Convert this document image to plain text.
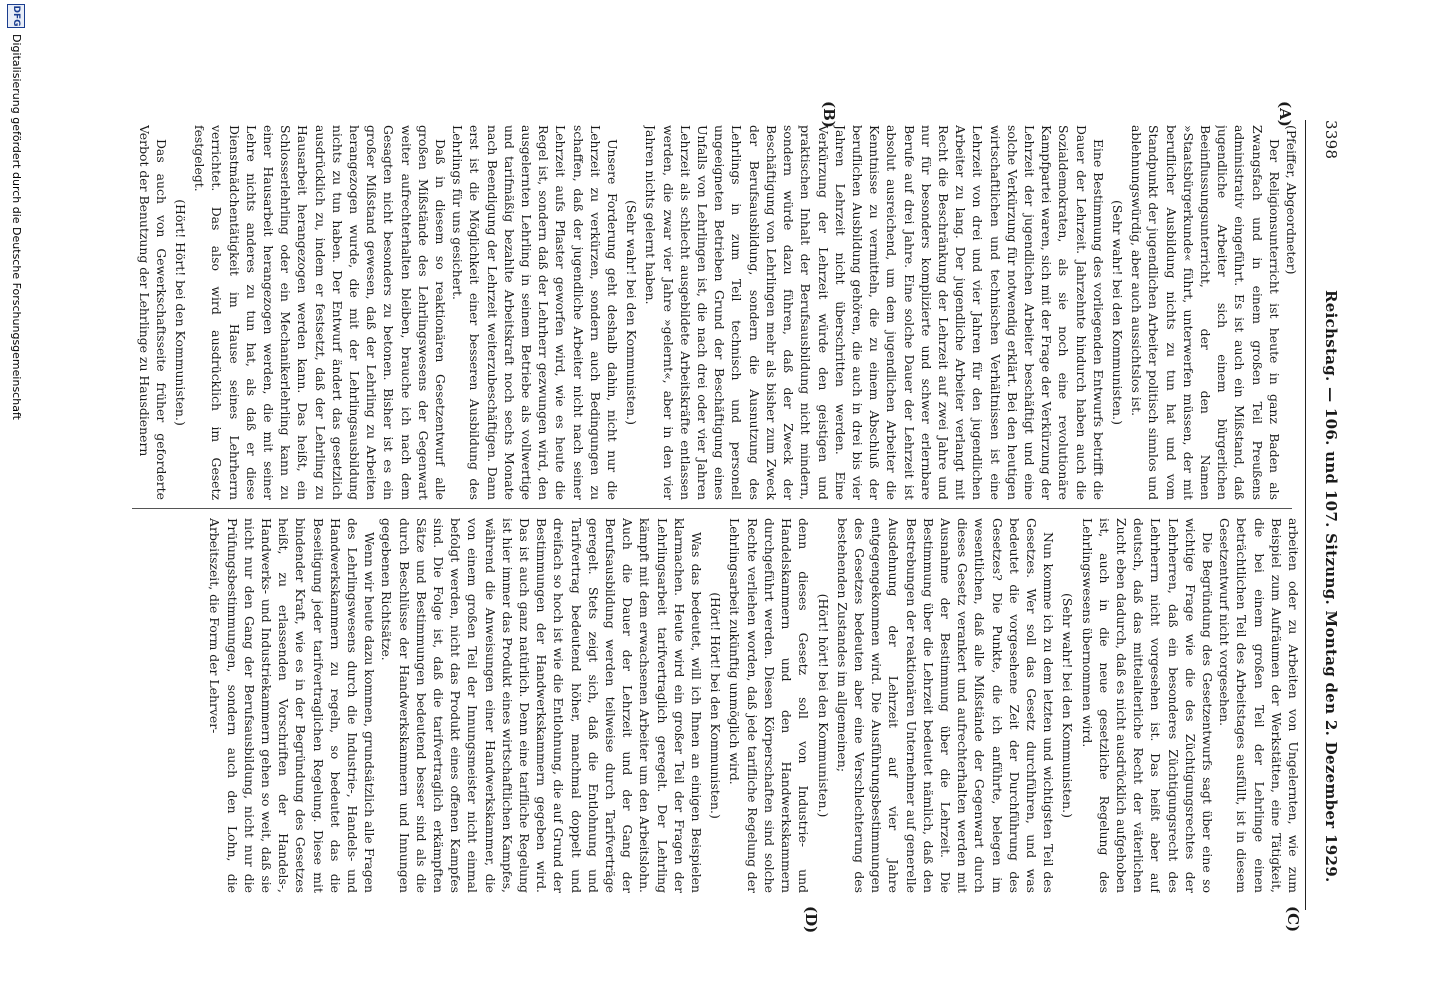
3398
Reichstag. — 106. und 107. Sitzung. Montag den 2. Dezember 1929.
(A)
(B)
(C)
(D)

(Pfeiffer, Abgeordneter)

Der Religionsunterricht ist heute in ganz Baden als Zwangsfach und in einem großen Teil Preußens administrativ eingeführt. Es ist auch ein Mißstand, daß jugendliche Arbeiter sich einem bürgerlichen Beeinflussungsunterricht, der den Namen »Staatsbürgerkunde« führt, unterwerfen müssen, der mit beruflicher Ausbildung nichts zu tun hat und vom Standpunkt der jugendlichen Arbeiter politisch sinnlos und ablehnungswürdig, aber auch aussichtslos ist.

(Sehr wahr! bei den Kommunisten.)

Eine Bestimmung des vorliegenden Entwurfs betrifft die Dauer der Lehrzeit. Jahrzehnte hindurch haben auch die Sozialdemokraten, als sie noch eine revolutionäre Kampfpartei waren, sich mit der Frage der Verkürzung der Lehrzeit der jugendlichen Arbeiter beschäftigt und eine solche Verkürzung für notwendig erklärt. Bei den heutigen wirtschaftlichen und technischen Verhältnissen ist eine Lehrzeit von drei und vier Jahren für den jugendlichen Arbeiter zu lang. Der jugendliche Arbeiter verlangt mit Recht die Beschränkung der Lehrzeit auf zwei Jahre und nur für besonders komplizierte und schwer erlernbare Berufe auf drei Jahre. Eine solche Dauer der Lehrzeit ist absolut ausreichend, um dem jugendlichen Arbeiter die Kenntnisse zu vermitteln, die zu einem Abschluß der beruflichen Ausbildung gehören, die auch in drei bis vier Jahren Lehrzeit nicht überschritten werden. Eine Verkürzung der Lehrzeit würde den geistigen und praktischen Inhalt der Berufsausbildung nicht mindern, sondern würde dazu führen, daß der Zweck der Beschäftigung von Lehrlingen mehr als bisher zum Zweck der Berufsausbildung, sondern die Ausnutzung des Lehrlings in zum Teil technisch und personell ungeeigneten Betrieben Grund der Beschäftigung eines Unfalls von Lehrlingen ist, die nach drei oder vier Jahren Lehrzeit als schlecht ausgebildete Arbeitskräfte entlassen werden, die zwar vier Jahre »gelernt«, aber in den vier Jahren nichts gelernt haben.

(Sehr wahr! bei den Kommunisten.)

Unsere Forderung geht deshalb dahin, nicht nur die Lehrzeit zu verkürzen, sondern auch Bedingungen zu schaffen, daß der jugendliche Arbeiter nicht nach seiner Lehrzeit aufs Pflaster geworfen wird, wie es heute die Regel ist, sondern daß der Lehrherr gezwungen wird, den ausgelernten Lehrling in seinem Betriebe als vollwertige und tarifmäßig bezahlte Arbeitskraft noch sechs Monate nach Beendigung der Lehrzeit weiterzubeschäftigen. Dann erst ist die Möglichkeit einer besseren Ausbildung des Lehrlings für uns gesichert.

Daß in diesem so reaktionären Gesetzentwurf alle großen Mißstände des Lehrlingswesens der Gegenwart weiter aufrechterhalten bleiben, brauche ich nach dem Gesagten nicht besonders zu betonen. Bisher ist es ein großer Mißstand gewesen, daß der Lehrling zu Arbeiten herangezogen wurde, die mit der Lehrlingsausbildung nichts zu tun haben. Der Entwurf ändert das gesetzlich ausdrücklich zu, indem er festsetzt, daß der Lehrling zu Hausarbeit herangezogen werden kann. Das heißt, ein Schlosserlehrling oder ein Mechanikerlehrling kann zu einer Hausarbeit herangezogen werden, die mit seiner Lehre nichts anderes zu tun hat, als daß er diese Dienstmädchentätigkeit im Hause seines Lehrherrn verrichtet. Das also wird ausdrücklich im Gesetz festgelegt.

(Hört! Hört! bei den Kommunisten.)

Das auch von Gewerkschaftsseite früher geforderte Verbot der Benutzung der Lehrlinge zu Hausdienern

arbeiten oder zu Arbeiten von Ungelernten, wie zum Beispiel zum Aufräumen der Werkstätten, eine Tätigkeit, die bei einem großen Teil der Lehrlinge einen beträchtlichen Teil des Arbeitstages ausfüllt, ist in diesem Gesetzentwurf nicht vorgesehen.

Die Begründung des Gesetzentwurfs sagt über eine so wichtige Frage wie die des Züchtigungsrechtes der Lehrherren, daß ein besonderes Züchtigungsrecht des Lehrherrn nicht vorgesehen ist. Das heißt aber auf deutsch, daß das mittelalterliche Recht der väterlichen Zucht eben dadurch, daß es nicht ausdrücklich aufgehoben ist, auch in die neue gesetzliche Regelung des Lehrlingswesens übernommen wird.

(Sehr wahr! bei den Kommunisten.)

Nun komme ich zu dem letzten und wichtigsten Teil des Gesetzes. Wer soll das Gesetz durchführen, und was bedeutet die vorgesehene Zeit der Durchführung des Gesetzes? Die Punkte, die ich anführte, belegen im wesentlichen, daß alle Mißstände der Gegenwart durch dieses Gesetz verankert und aufrechterhalten werden mit Ausnahme der Bestimmung über die Lehrzeit. Die Bestimmung über die Lehrzeit bedeutet nämlich, daß den Bestrebungen der reaktionären Unternehmer auf generelle Ausdehnung der Lehrzeit auf vier Jahre entgegengekommen wird. Die Ausführungsbestimmungen des Gesetzes bedeuten aber eine Verschlechterung des bestehenden Zustandes im allgemeinen;

(Hört! hört! bei den Kommunisten.)

denn dieses Gesetz soll von Industrie- und Handelskammern und den Handwerkskammern durchgeführt werden. Diesen Körperschaften sind solche Rechte verliehen worden, daß jede tarifliche Regelung der Lehrlingsarbeit zukünftig unmöglich wird.

(Hört! Hört! bei den Kommunisten.)

Was das bedeutet, will ich Ihnen an einigen Beispielen klarmachen. Heute wird ein großer Teil der Fragen der Lehrlingsarbeit tarifvertraglich geregelt. Der Lehrling kämpft mit dem erwachsenen Arbeiter um den Arbeitslohn. Auch die Dauer der Lehrzeit und der Gang der Berufsausbildung werden teilweise durch Tarifverträge geregelt. Stets zeigt sich, daß die Entlohnung und Tarifvertrag bedeutend höher, manchmal doppelt und dreifach so hoch ist wie die Entlohnung, die auf Grund der Bestimmungen der Handwerkskammern gegeben wird. Das ist auch ganz natürlich. Denn eine tarifliche Regelung ist hier immer das Produkt eines wirtschaftlichen Kampfes, während die Anweisungen einer Handwerkskammer, die von einem großen Teil der Innungsmeister nicht einmal befolgt werden, nicht das Produkt eines offenen Kampfes sind. Die Folge ist, daß die tarifvertraglich erkämpften Sätze und Bestimmungen bedeutend besser sind als die durch Beschlüsse der Handwerkskammern und Innungen gegebenen Richtsätze.

Wenn wir heute dazu kommen, grundsätzlich alle Fragen des Lehrlingswesens durch die Industrie-, Handels- und Handwerkskammern zu regeln, so bedeutet das die Beseitigung jeder tarifvertraglichen Regelung. Diese mit bindender Kraft, wie es in der Begründung des Gesetzes heißt, zu erlassenden Vorschriften der Handels-, Handwerks- und Industriekammern gehen so weit, daß sie nicht nur den Gang der Berufsausbildung, nicht nur die Prüfungsbestimmungen, sondern auch den Lohn, die Arbeitszeit, die Form der Lehrver-

DFG
Digitalisierung gefördert durch die Deutsche Forschungsgemeinschaft
